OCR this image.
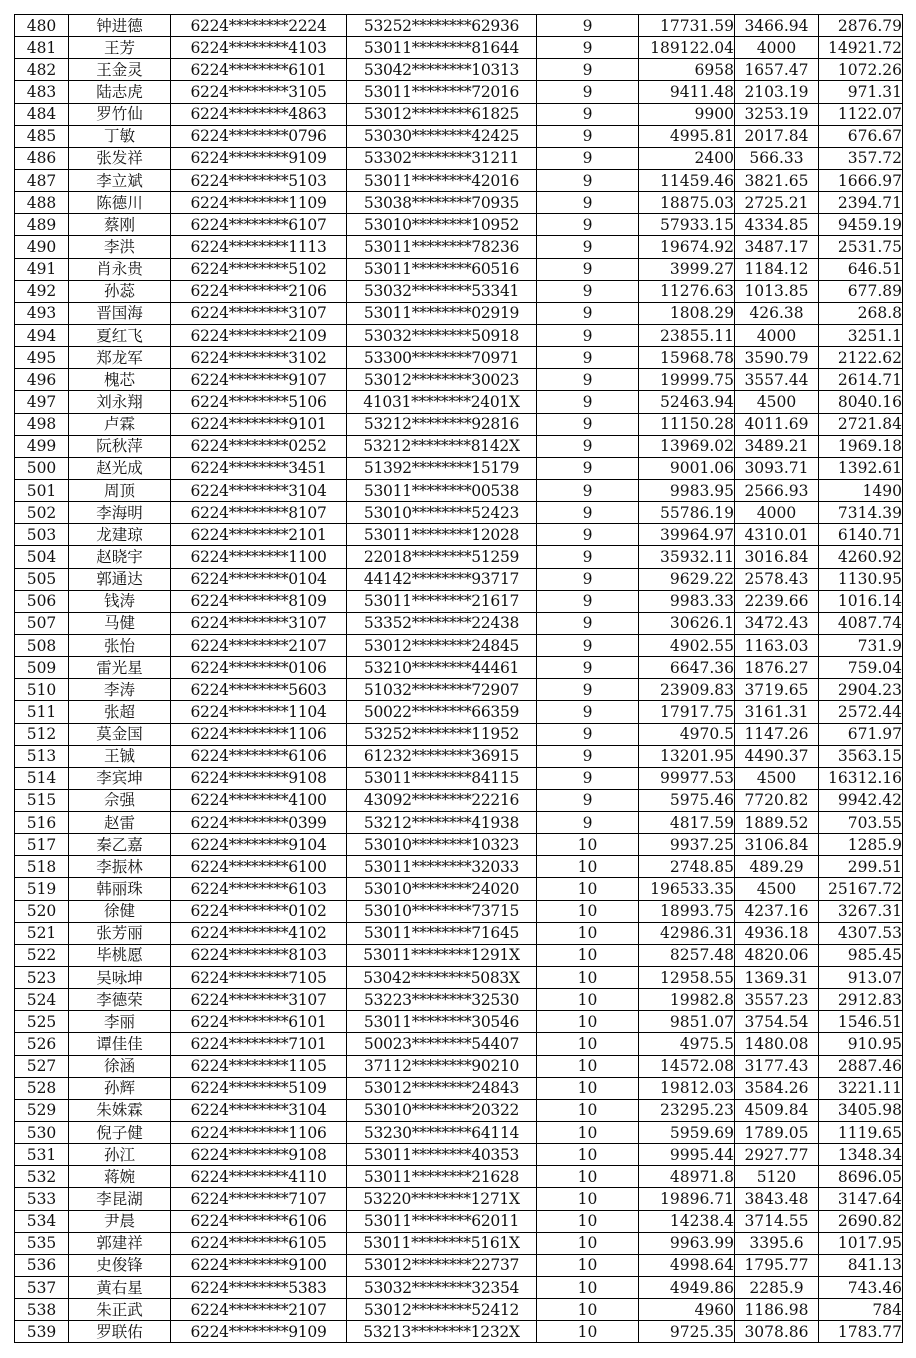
480	钟进德	6224********2224	53252********62936	9	17731.59	3466.94	2876.79
481	王芳	6224********4103	53011********81644	9	189122.04	4000	14921.72
482	王金灵	6224********6101	53042********10313	9	6958	1657.47	1072.26
483	陆志虎	6224********3105	53011********72016	9	9411.48	2103.19	971.31
484	罗竹仙	6224********4863	53012********61825	9	9900	3253.19	1122.07
485	丁敏	6224********0796	53030********42425	9	4995.81	2017.84	676.67
486	张发祥	6224********9109	53302********31211	9	2400	566.33	357.72
487	李立斌	6224********5103	53011********42016	9	11459.46	3821.65	1666.97
488	陈德川	6224********1109	53038********70935	9	18875.03	2725.21	2394.71
489	蔡刚	6224********6107	53010********10952	9	57933.15	4334.85	9459.19
490	李洪	6224********1113	53011********78236	9	19674.92	3487.17	2531.75
491	肖永贵	6224********5102	53011********60516	9	3999.27	1184.12	646.51
492	孙蕊	6224********2106	53032********53341	9	11276.63	1013.85	677.89
493	晋国海	6224********3107	53011********02919	9	1808.29	426.38	268.8
494	夏红飞	6224********2109	53032********50918	9	23855.11	4000	3251.1
495	郑龙军	6224********3102	53300********70971	9	15968.78	3590.79	2122.62
496	槐芯	6224********9107	53012********30023	9	19999.75	3557.44	2614.71
497	刘永翔	6224********5106	41031********2401X	9	52463.94	4500	8040.16
498	卢霖	6224********9101	53212********92816	9	11150.28	4011.69	2721.84
499	阮秋萍	6224********0252	53212********8142X	9	13969.02	3489.21	1969.18
500	赵光成	6224********3451	51392********15179	9	9001.06	3093.71	1392.61
501	周顶	6224********3104	53011********00538	9	9983.95	2566.93	1490
502	李海明	6224********8107	53010********52423	9	55786.19	4000	7314.39
503	龙建琼	6224********2101	53011********12028	9	39964.97	4310.01	6140.71
504	赵晓宇	6224********1100	22018********51259	9	35932.11	3016.84	4260.92
505	郭通达	6224********0104	44142********93717	9	9629.22	2578.43	1130.95
506	钱涛	6224********8109	53011********21617	9	9983.33	2239.66	1016.14
507	马健	6224********3107	53352********22438	9	30626.1	3472.43	4087.74
508	张怡	6224********2107	53012********24845	9	4902.55	1163.03	731.9
509	雷光星	6224********0106	53210********44461	9	6647.36	1876.27	759.04
510	李涛	6224********5603	51032********72907	9	23909.83	3719.65	2904.23
511	张超	6224********1104	50022********66359	9	17917.75	3161.31	2572.44
512	莫金国	6224********1106	53252********11952	9	4970.5	1147.26	671.97
513	王铖	6224********6106	61232********36915	9	13201.95	4490.37	3563.15
514	李宾坤	6224********9108	53011********84115	9	99977.53	4500	16312.16
515	佘强	6224********4100	43092********22216	9	5975.46	7720.82	9942.42
516	赵雷	6224********0399	53212********41938	9	4817.59	1889.52	703.55
517	秦乙嘉	6224********9104	53010********10323	10	9937.25	3106.84	1285.9
518	李振林	6224********6100	53011********32033	10	2748.85	489.29	299.51
519	韩丽珠	6224********6103	53010********24020	10	196533.35	4500	25167.72
520	徐健	6224********0102	53010********73715	10	18993.75	4237.16	3267.31
521	张芳丽	6224********4102	53011********71645	10	42986.31	4936.18	4307.53
522	毕桃愿	6224********8103	53011********1291X	10	8257.48	4820.06	985.45
523	吴咏坤	6224********7105	53042********5083X	10	12958.55	1369.31	913.07
524	李德荣	6224********3107	53223********32530	10	19982.8	3557.23	2912.83
525	李丽	6224********6101	53011********30546	10	9851.07	3754.54	1546.51
526	谭佳佳	6224********7101	50023********54407	10	4975.5	1480.08	910.95
527	徐涵	6224********1105	37112********90210	10	14572.08	3177.43	2887.46
528	孙辉	6224********5109	53012********24843	10	19812.03	3584.26	3221.11
529	朱姝霖	6224********3104	53010********20322	10	23295.23	4509.84	3405.98
530	倪子健	6224********1106	53230********64114	10	5959.69	1789.05	1119.65
531	孙江	6224********9108	53011********40353	10	9995.44	2927.77	1348.34
532	蒋婉	6224********4110	53011********21628	10	48971.8	5120	8696.05
533	李昆湖	6224********7107	53220********1271X	10	19896.71	3843.48	3147.64
534	尹晨	6224********6106	53011********62011	10	14238.4	3714.55	2690.82
535	郭建祥	6224********6105	53011********5161X	10	9963.99	3395.6	1017.95
536	史俊锋	6224********9100	53012********22737	10	4998.64	1795.77	841.13
537	黄右星	6224********5383	53032********32354	10	4949.86	2285.9	743.46
538	朱正武	6224********2107	53012********52412	10	4960	1186.98	784
539	罗联佑	6224********9109	53213********1232X	10	9725.35	3078.86	1783.77
